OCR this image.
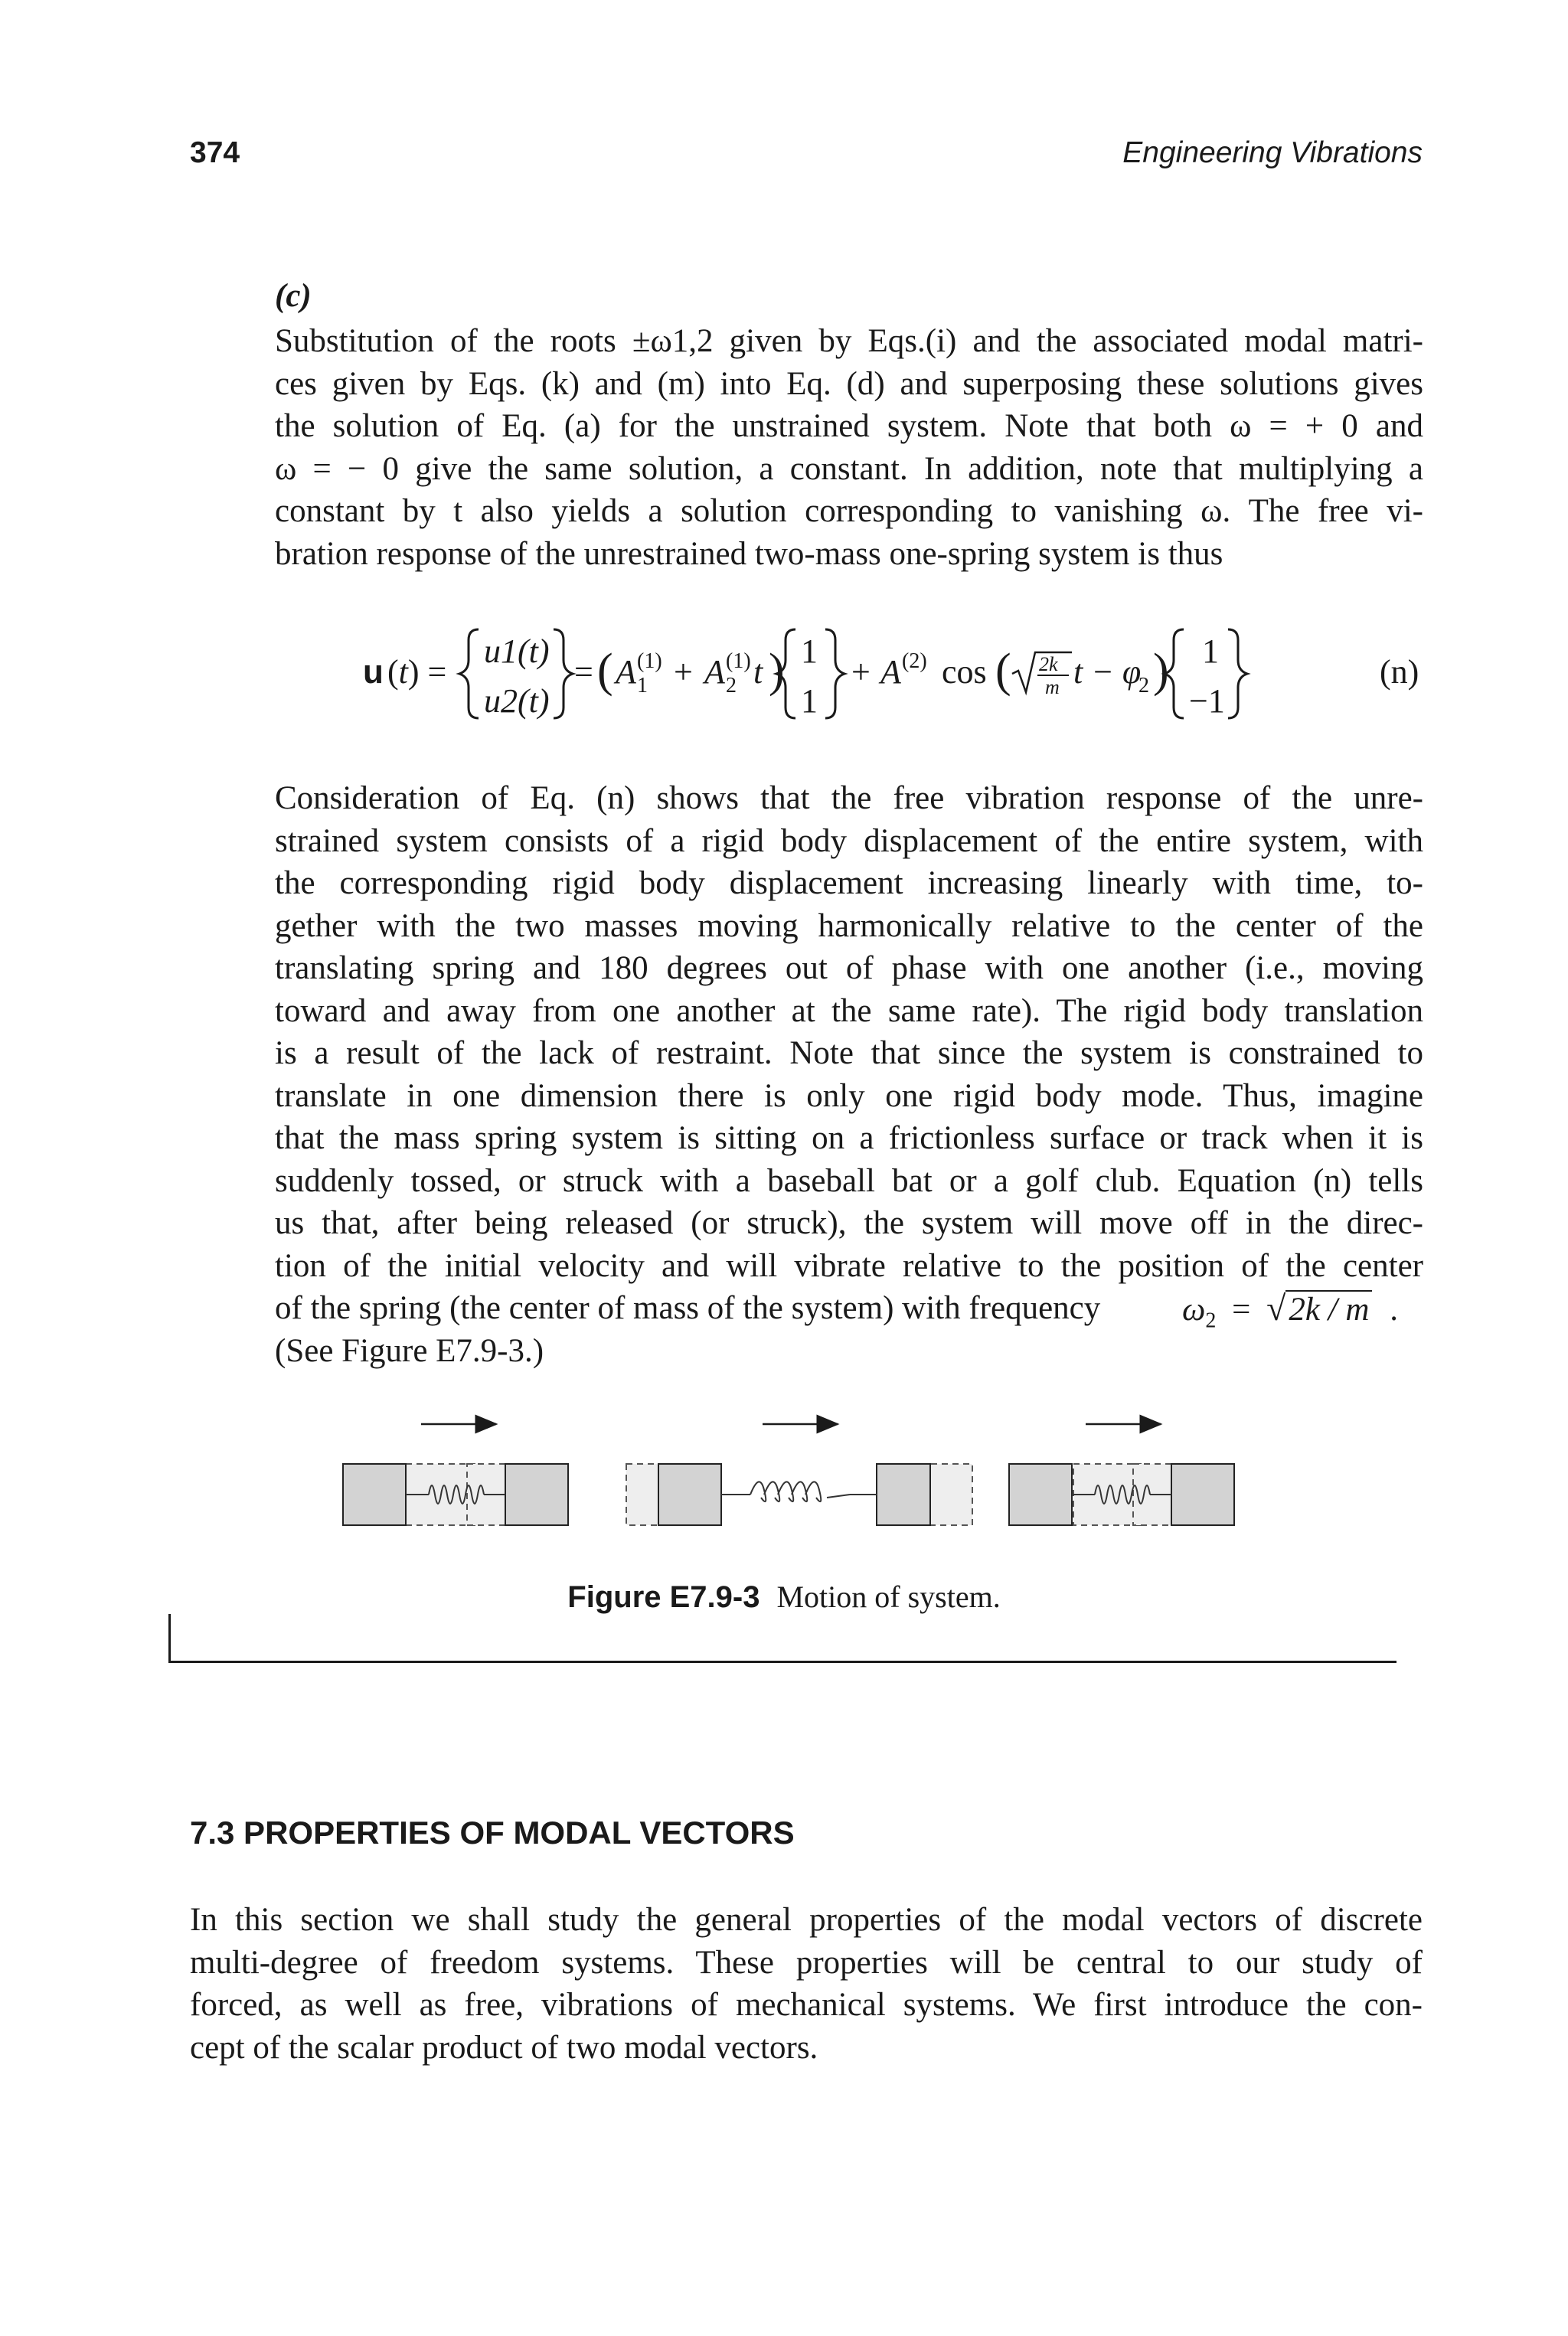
374	Engineering Vibrations
(c)
Substitution of the roots ±ω1,2 given by Eqs.(i) and the associated modal matri-
ces given by Eqs. (k) and (m) into Eq. (d) and superposing these solutions gives
the solution of Eq. (a) for the unstrained system. Note that both ω = + 0 and
ω = − 0 give the same solution, a constant. In addition, note that multiplying a
constant by t also yields a solution corresponding to vanishing ω. The free vi-
bration response of the unrestrained two-mass one-spring system is thus
u (t) =
u1(t)
u2(t)
= ( A (1)
1 + A (1)
2 t ) 1
1
+ A (2) cos ( 2k
m t − φ
2 ) 1
−1
(n)
Consideration of Eq. (n) shows that the free vibration response of the unre-
strained system consists of a rigid body displacement of the entire system, with
the corresponding rigid body displacement increasing linearly with time, to-
gether with the two masses moving harmonically relative to the center of the
translating spring and 180 degrees out of phase with one another (i.e., moving
toward and away from one another at the same rate). The rigid body translation
is a result of the lack of restraint. Note that since the system is constrained to
translate in one dimension there is only one rigid body mode. Thus, imagine
that the mass spring system is sitting on a frictionless surface or track when it is
suddenly tossed, or struck with a baseball bat or a golf club. Equation (n) tells
us that, after being released (or struck), the system will move off in the direc-
tion of the initial velocity and will vibrate relative to the position of the center
of the spring (the center of mass of the system) with frequency $\omega_2 = √2k / m$ .
(See Figure E7.9-3.)
Figure E7.9-3 Motion of system.
7.3 PROPERTIES OF MODAL VECTORS
In this section we shall study the general properties of the modal vectors of discrete
multi-degree of freedom systems. These properties will be central to our study of
forced, as well as free, vibrations of mechanical systems. We first introduce the con-
cept of the scalar product of two modal vectors.
